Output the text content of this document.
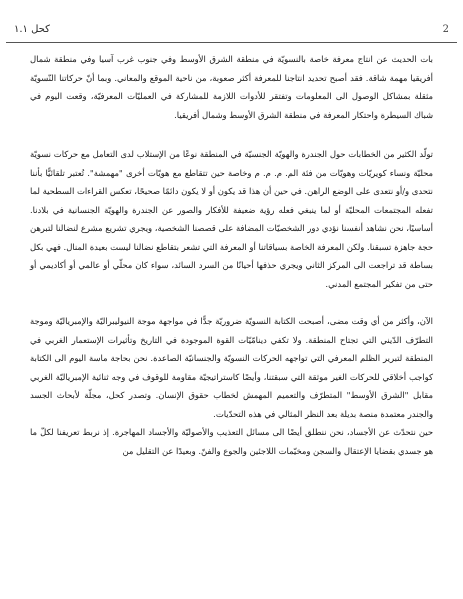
2
كحل ١.١

بات الحديث عن انتاج معرفة خاصة بالنسويّة في منطقة الشرق الأوسط وفي جنوب غرب آسيا وفي منطقة شمال أفريقيا مهمة شاقة. فقد أصبح تحديد انتاجنا للمعرفة أكثر صعوبة، من ناحية الموقع والمعاني. وبما أنّ حركاتنا النّسويّة مثقلة بمشاكل الوصول الى المعلومات وتفتقر للأدوات اللازمة للمشاركة في العمليّات المعرفيّة، وقعت اليوم في شباك السيطرة واحتكار المعرفة في منطقة الشرق الأوسط وشمال أفريقيا.

تولّد الكثير من الخطابات حول الجندرة والهويّة الجنسيّة في المنطقة نوعًا من الإستلاب لدى التعامل مع حركات نسويّة محليّة ونساء كويريّات وهويّات من فئة الم. م. م. م وخاصة حين تتقاطع مع هويّات أخرى "مهمشة". تُعتبر تلقائيًّا بأننا نتحدى و/أو نتعدى على الوضع الراهن. في حين أن هذا قد يكون أو لا يكون دائمًا صحيحًا، تعكس القراءات السطحية لما تفعله المجتمعات المحليّة أو لما ينبغي فعله رؤية ضعيفة للأفكار والصور عن الجندرة والهويّة الجنسانية في بلادنا. أساسيًا، نحن نشاهد أنفسنا نؤدي دور الشخصيّات المضافة على قصصنا الشخصية، ويجري تشريع مشرع لنضالنا لتبرهن حجة جاهزة تسبقنا. ولكن المعرفة الخاصة بسياقاتنا أو المعرفة التي تشعر بتقاطع نضالنا ليست بعيدة المنال. فهي بكل بساطة قد تراجعت الى المركز الثاني ويجري حذفها أحيانًا من السرد السائد، سواء كان محلّي أو عالمي أو أكاديمي أو حتى من تفكير المجتمع المدني.

الآن، وأكثر من أي وقت مضى، أصبحت الكتابة النسويّة ضروريّة جدًّا في مواجهة موجة النيوليبراليّة والإمبرياليّة وموجة التطرّف الدّيني التي تجتاح المنطقة. ولا تكفي دينامّيّات القوة الموجودة في التاريخ وتأثيرات الإستعمار الغربي في المنطقة لتبرير الظلم المعرفي التي تواجهه الحركات النسويّة والجنسانيّة الصاعدة. نحن بحاجة ماسة اليوم الى الكتابة كواجب أخلاقي للحركات الغير موثقة التي سبقتنا، وأيضًا كاستراتيجيّة مقاومة للوقوف في وجه ثنائية الإمبرياليّة الغربي مقابل "الشرق الأوسط" المتطرّف والتعميم المهمش لخطاب حقوق الإنسان. وتصدر كحل، مجلّة لأبحاث الجسد والجندر معتمدة منصة بديلة بعد النظر المثالي في هذه التحدّيات.

حين نتحدّث عن الأجساد، نحن ننطلق أيضًا الى مسائل التعذيب والأصوليّة والأجساد المهاجرة. إذ نربط تعريفنا لكلّ ما هو جسدي بقضايا الإعتقال والسجن ومخيّمات اللاجئين والجوع والفنّ. وبعيدًا عن التقليل من
